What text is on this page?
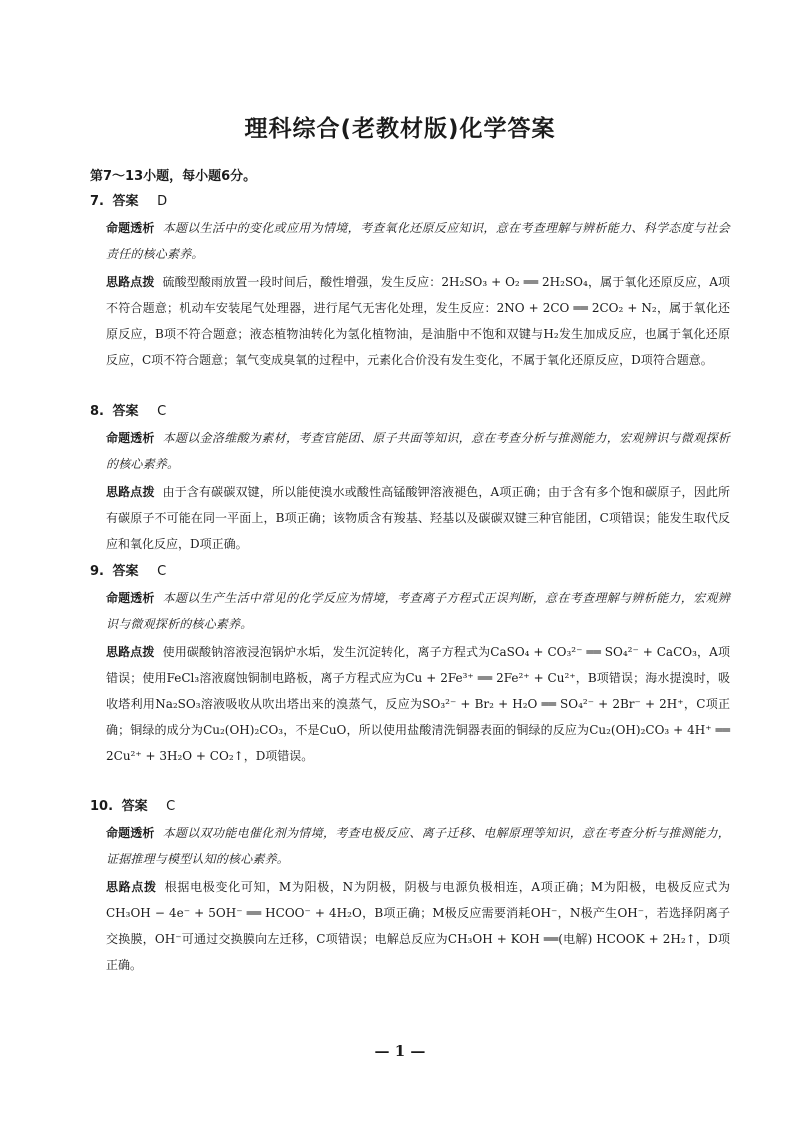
理科综合(老教材版)化学答案
第7～13小题，每小题6分。
7. 答案 D
命题透析 本题以生活中的变化或应用为情境，考查氧化还原反应知识，意在考查理解与辨析能力、科学态度与社会责任的核心素养。
思路点拨 硫酸型酸雨放置一段时间后，酸性增强，发生反应：2H₂SO₃ + O₂ ══ 2H₂SO₄，属于氧化还原反应，A项不符合题意；机动车安装尾气处理器，进行尾气无害化处理，发生反应：2NO + 2CO ══ 2CO₂ + N₂，属于氧化还原反应，B项不符合题意；液态植物油转化为氢化植物油，是油脂中不饱和双键与H₂发生加成反应，也属于氧化还原反应，C项不符合题意；氧气变成臭氧的过程中，元素化合价没有发生变化，不属于氧化还原反应，D项符合题意。
8. 答案 C
命题透析 本题以金洛维酸为素材，考查官能团、原子共面等知识，意在考查分析与推测能力，宏观辨识与微观探析的核心素养。
思路点拨 由于含有碳碳双键，所以能使溴水或酸性高锰酸钾溶液褪色，A项正确；由于含有多个饱和碳原子，因此所有碳原子不可能在同一平面上，B项正确；该物质含有羧基、羟基以及碳碳双键三种官能团，C项错误；能发生取代反应和氧化反应，D项正确。
9. 答案 C
命题透析 本题以生产生活中常见的化学反应为情境，考查离子方程式正误判断，意在考查理解与辨析能力，宏观辨识与微观探析的核心素养。
思路点拨 使用碳酸钠溶液浸泡锅炉水垢，发生沉淀转化，离子方程式为CaSO₄ + CO₃²⁻ ══ SO₄²⁻ + CaCO₃，A项错误；使用FeCl₃溶液腐蚀铜制电路板，离子方程式应为Cu + 2Fe³⁺ ══ 2Fe²⁺ + Cu²⁺，B项错误；海水提溴时，吸收塔利用Na₂SO₃溶液吸收从吹出塔出来的溴蒸气，反应为SO₃²⁻ + Br₂ + H₂O ══ SO₄²⁻ + 2Br⁻ + 2H⁺，C项正确；铜绿的成分为Cu₂(OH)₂CO₃，不是CuO，所以使用盐酸清洗铜器表面的铜绿的反应为Cu₂(OH)₂CO₃ + 4H⁺ ══ 2Cu²⁺ + 3H₂O + CO₂↑，D项错误。
10. 答案 C
命题透析 本题以双功能电催化剂为情境，考查电极反应、离子迁移、电解原理等知识，意在考查分析与推测能力，证据推理与模型认知的核心素养。
思路点拨 根据电极变化可知，M为阳极，N为阴极，阴极与电源负极相连，A项正确；M为阳极，电极反应式为CH₃OH − 4e⁻ + 5OH⁻ ══ HCOO⁻ + 4H₂O，B项正确；M极反应需要消耗OH⁻，N极产生OH⁻，若选择阴离子交换膜，OH⁻可通过交换膜向左迁移，C项错误；电解总反应为CH₃OH + KOH ══(电解) HCOOK + 2H₂↑，D项正确。
— 1 —
